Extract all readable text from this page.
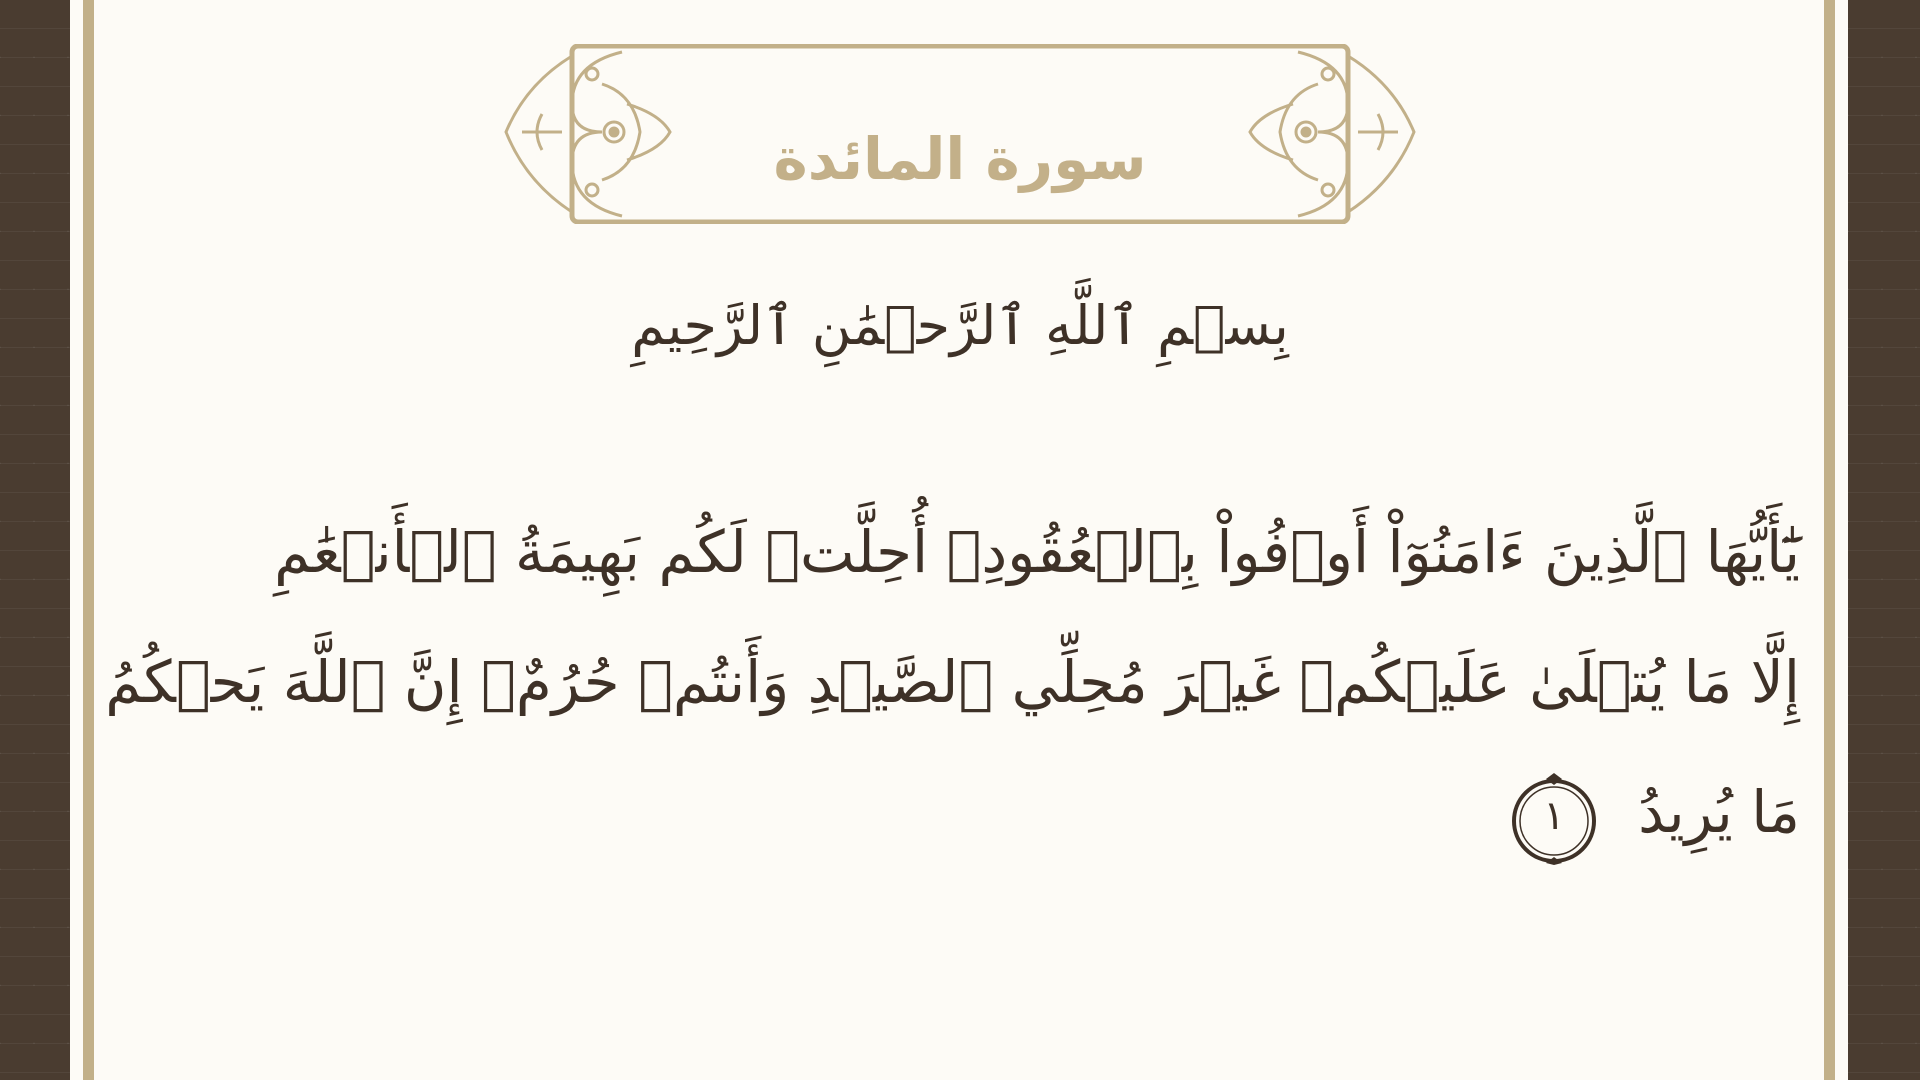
سورة المائدة
بِسۡمِ ٱللَّهِ ٱلرَّحۡمَٰنِ ٱلرَّحِيمِ
يَٰٓأَيُّهَا ٱلَّذِينَ ءَامَنُوٓاْ أَوۡفُواْ بِٱلۡعُقُودِۚ أُحِلَّتۡ لَكُم بَهِيمَةُ ٱلۡأَنۡعَٰمِ
إِلَّا مَا يُتۡلَىٰ عَلَيۡكُمۡ غَيۡرَ مُحِلِّي ٱلصَّيۡدِ وَأَنتُمۡ حُرُمٌۗ إِنَّ ٱللَّهَ يَحۡكُمُ
مَا يُرِيدُ
١
